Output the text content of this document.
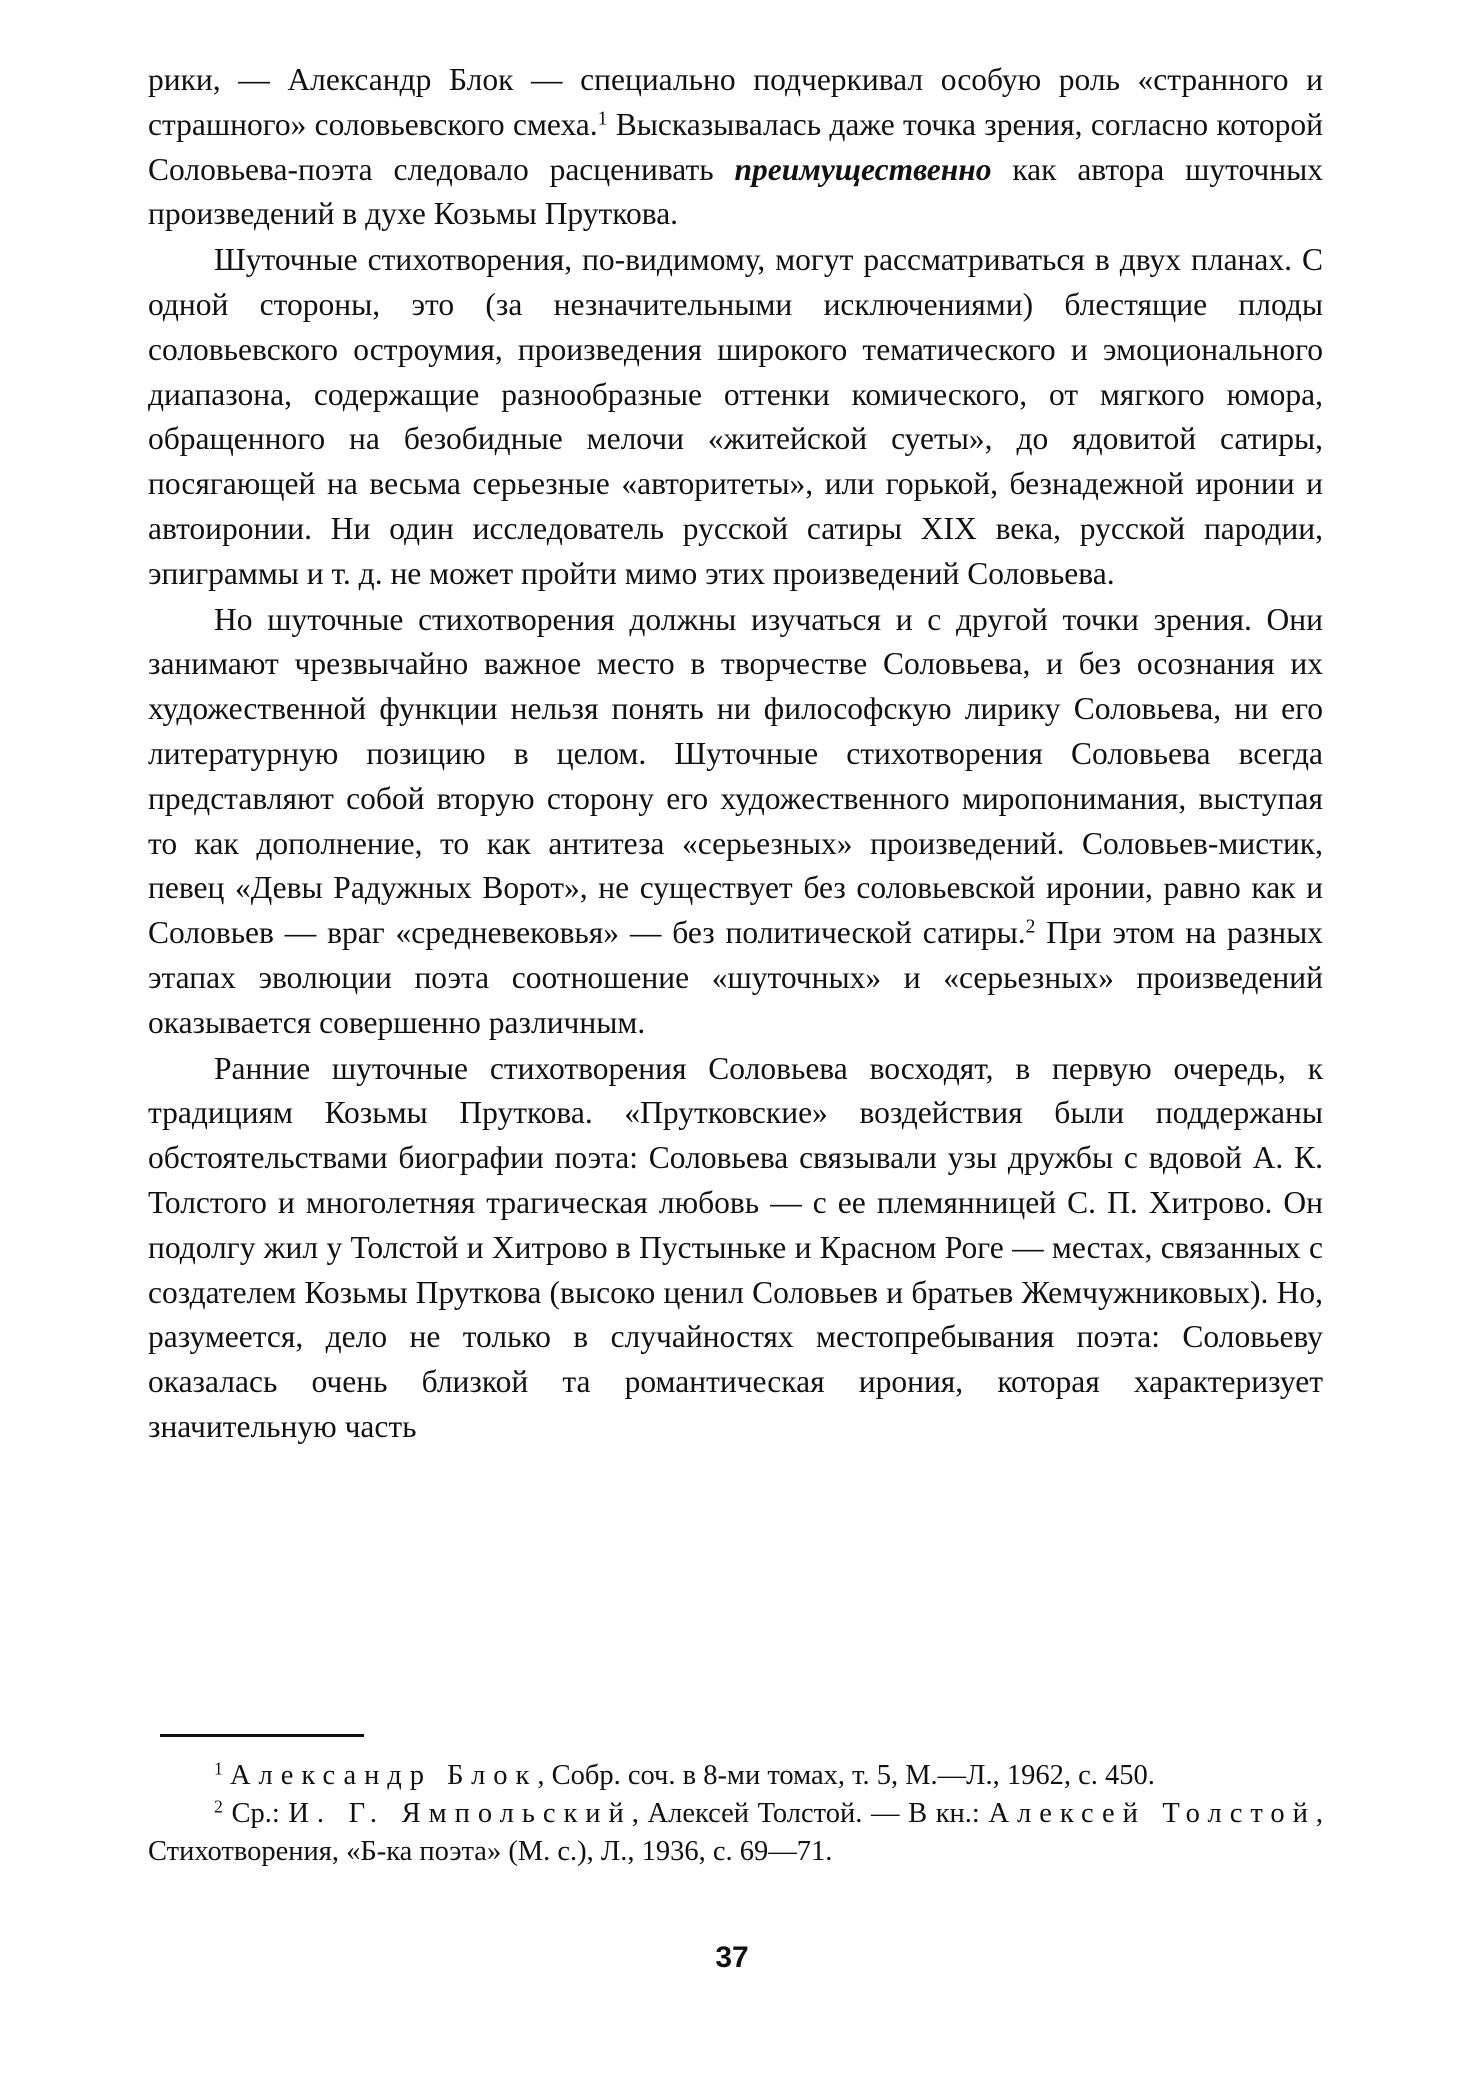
рики, — Александр Блок — специально подчеркивал особую роль «странного и страшного» соловьевского смеха.$^1$ Высказывалась даже точка зрения, согласно которой Соловьева-поэта следовало расценивать преимущественно как автора шуточных произведений в духе Козьмы Пруткова.

Шуточные стихотворения, по-видимому, могут рассматриваться в двух планах. С одной стороны, это (за незначительными исключениями) блестящие плоды соловьевского остроумия, произведения широкого тематического и эмоционального диапазона, содержащие разнообразные оттенки комического, от мягкого юмора, обращенного на безобидные мелочи «житейской суеты», до ядовитой сатиры, посягающей на весьма серьезные «авторитеты», или горькой, безнадежной иронии и автоиронии. Ни один исследователь русской сатиры XIX века, русской пародии, эпиграммы и т. д. не может пройти мимо этих произведений Соловьева.

Но шуточные стихотворения должны изучаться и с другой точки зрения. Они занимают чрезвычайно важное место в творчестве Соловьева, и без осознания их художественной функции нельзя понять ни философскую лирику Соловьева, ни его литературную позицию в целом. Шуточные стихотворения Соловьева всегда представляют собой вторую сторону его художественного миропонимания, выступая то как дополнение, то как антитеза «серьезных» произведений. Соловьев-мистик, певец «Девы Радужных Ворот», не существует без соловьевской иронии, равно как и Соловьев — враг «средневековья» — без политической сатиры.$^2$ При этом на разных этапах эволюции поэта соотношение «шуточных» и «серьезных» произведений оказывается совершенно различным.

Ранние шуточные стихотворения Соловьева восходят, в первую очередь, к традициям Козьмы Пруткова. «Прутковские» воздействия были поддержаны обстоятельствами биографии поэта: Соловьева связывали узы дружбы с вдовой А. К. Толстого и многолетняя трагическая любовь — с ее племянницей С. П. Хитрово. Он подолгу жил у Толстой и Хитрово в Пустыньке и Красном Роге — местах, связанных с создателем Козьмы Пруткова (высоко ценил Соловьев и братьев Жемчужниковых). Но, разумеется, дело не только в случайностях местопребывания поэта: Соловьеву оказалась очень близкой та романтическая ирония, которая характеризует значительную часть

$^1$ Александр Блок, Собр. соч. в 8-ми томах, т. 5, М.—Л., 1962, с. 450.

$^2$ Ср.: И. Г. Ямпольский, Алексей Толстой. — В кн.: Алексей Толстой, Стихотворения, «Б-ка поэта» (М. с.), Л., 1936, с. 69—71.

37
